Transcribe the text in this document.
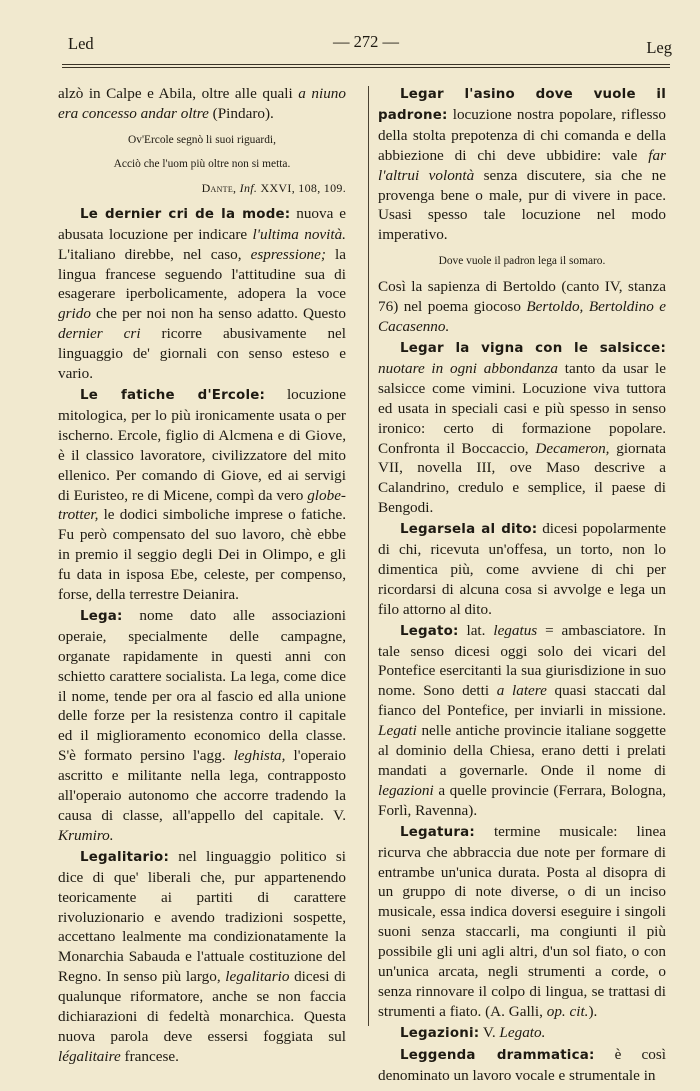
Led	— 272 —	Leg

alzò in Calpe e Abila, oltre alle quali a niuno era concesso andar oltre (Pindaro).

Ov'Ercole segnò li suoi riguardi,
Acciò che l'uom più oltre non si metta.
Dante, Inf. XXVI, 108, 109.

Le dernier cri de la mode: nuova e abusata locuzione per indicare l'ultima novità. L'italiano direbbe, nel caso, espressione; la lingua francese seguendo l'attitudine sua di esagerare iperbolicamente, adopera la voce grido che per noi non ha senso adatto. Questo dernier cri ricorre abusivamente nel linguaggio de' giornali con senso esteso e vario.

Le fatiche d'Ercole: locuzione mitologica, per lo più ironicamente usata o per ischerno. Ercole, figlio di Alcmena e di Giove, è il classico lavoratore, civilizzatore del mito ellenico. Per comando di Giove, ed ai servigi di Euristeo, re di Micene, compì da vero globe-trotter, le dodici simboliche imprese o fatiche. Fu però compensato del suo lavoro, chè ebbe in premio il seggio degli Dei in Olimpo, e gli fu data in isposa Ebe, celeste, per compenso, forse, della terrestre Deianira.

Lega: nome dato alle associazioni operaie, specialmente delle campagne, organate rapidamente in questi anni con schietto carattere socialista. La lega, come dice il nome, tende per ora al fascio ed alla unione delle forze per la resistenza contro il capitale ed il miglioramento economico della classe. S'è formato persino l'agg. leghista, l'operaio ascritto e militante nella lega, contrapposto all'operaio autonomo che accorre tradendo la causa di classe, all'appello del capitale. V. Krumiro.

Legalitario: nel linguaggio politico si dice di que' liberali che, pur appartenendo teoricamente ai partiti di carattere rivoluzionario e avendo tradizioni sospette, accettano lealmente ma condizionatamente la Monarchia Sabauda e l'attuale costituzione del Regno. In senso più largo, legalitario dicesi di qualunque riformatore, anche se non faccia dichiarazioni di fedeltà monarchica. Questa nuova parola deve essersi foggiata sul légalitaire francese.

Legar l'asino dove vuole il padrone: locuzione nostra popolare, riflesso della stolta prepotenza di chi comanda e della abbiezione di chi deve ubbidire: vale far l'altrui volontà senza discutere, sia che ne provenga bene o male, pur di vivere in pace. Usasi spesso tale locuzione nel modo imperativo.

Dove vuole il padron lega il somaro.

Così la sapienza di Bertoldo (canto IV, stanza 76) nel poema giocoso Bertoldo, Bertoldino e Cacasenno.

Legar la vigna con le salsicce: nuotare in ogni abbondanza tanto da usar le salsicce come vimini. Locuzione viva tuttora ed usata in speciali casi e più spesso in senso ironico: certo di formazione popolare. Confronta il Boccaccio, Decameron, giornata VII, novella III, ove Maso descrive a Calandrino, credulo e semplice, il paese di Bengodi.

Legarsela al dito: dicesi popolarmente di chi, ricevuta un'offesa, un torto, non lo dimentica più, come avviene di chi per ricordarsi di alcuna cosa si avvolge e lega un filo attorno al dito.

Legato: lat. legatus = ambasciatore. In tale senso dicesi oggi solo dei vicari del Pontefice esercitanti la sua giurisdizione in suo nome. Sono detti a latere quasi staccati dal fianco del Pontefice, per inviarli in missione. Legati nelle antiche provincie italiane soggette al dominio della Chiesa, erano detti i prelati mandati a governarle. Onde il nome di legazioni a quelle provincie (Ferrara, Bologna, Forlì, Ravenna).

Legatura: termine musicale: linea ricurva che abbraccia due note per formare di entrambe un'unica durata. Posta al disopra di un gruppo di note diverse, o di un inciso musicale, essa indica doversi eseguire i singoli suoni senza staccarli, ma congiunti il più possibile gli uni agli altri, d'un sol fiato, o con un'unica arcata, negli strumenti a corde, o senza rinnovare il colpo di lingua, se trattasi di strumenti a fiato. (A. Galli, op. cit.).

Legazioni: V. Legato.

Leggenda drammatica: è così denominato un lavoro vocale e strumentale in
